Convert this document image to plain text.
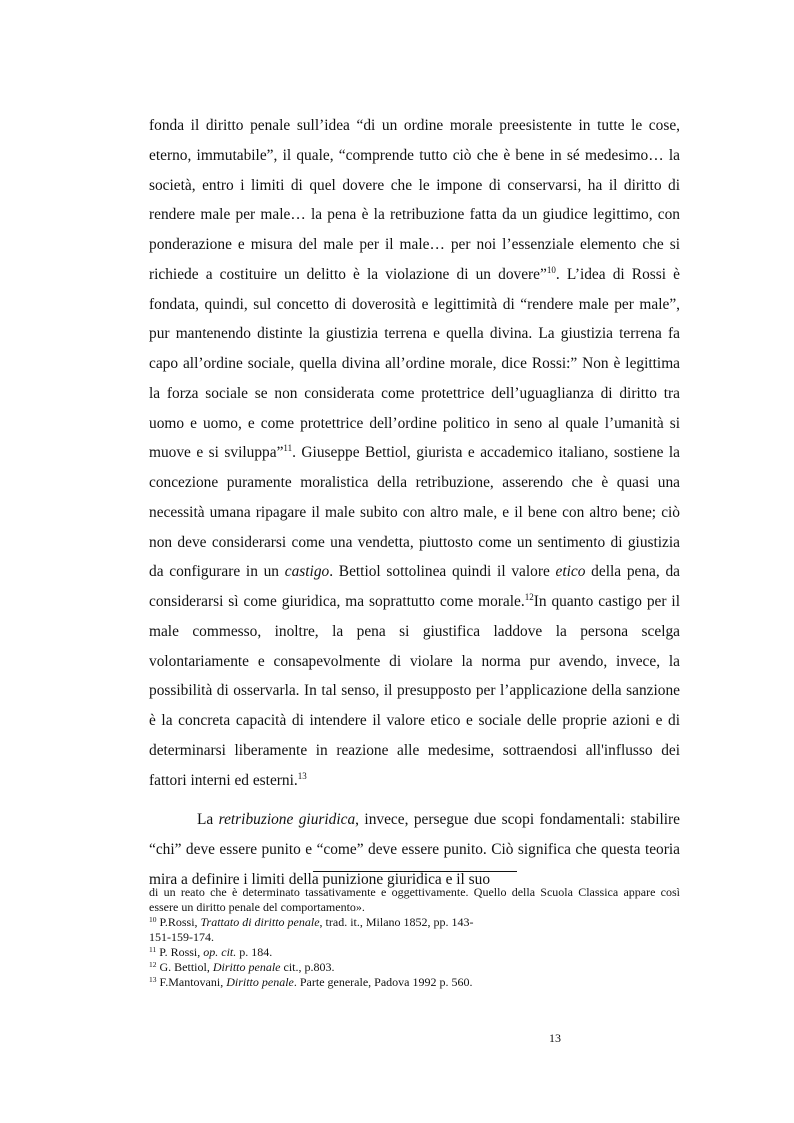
fonda il diritto penale sull’idea “di un ordine morale preesistente in tutte le cose, eterno, immutabile”, il quale, “comprende tutto ciò che è bene in sé medesimo… la società, entro i limiti di quel dovere che le impone di conservarsi, ha il diritto di rendere male per male… la pena è la retribuzione fatta da un giudice legittimo, con ponderazione e misura del male per il male… per noi l’essenziale elemento che si richiede a costituire un delitto è la violazione di un dovere”$^{10}$. L’idea di Rossi è fondata, quindi, sul concetto di doverosità e legittimità di “rendere male per male”, pur mantenendo distinte la giustizia terrena e quella divina. La giustizia terrena fa capo all’ordine sociale, quella divina all’ordine morale, dice Rossi:” Non è legittima la forza sociale se non considerata come protettrice dell’uguaglianza di diritto tra uomo e uomo, e come protettrice dell’ordine politico in seno al quale l’umanità si muove e si sviluppa”$^{11}$. Giuseppe Bettiol, giurista e accademico italiano, sostiene la concezione puramente moralistica della retribuzione, asserendo che è quasi una necessità umana ripagare il male subito con altro male, e il bene con altro bene; ciò non deve considerarsi come una vendetta, piuttosto come un sentimento di giustizia da configurare in un castigo. Bettiol sottolinea quindi il valore etico della pena, da considerarsi sì come giuridica, ma soprattutto come morale.$^{12}$In quanto castigo per il male commesso, inoltre, la pena si giustifica laddove la persona scelga volontariamente e consapevolmente di violare la norma pur avendo, invece, la possibilità di osservarla. In tal senso, il presupposto per l’applicazione della sanzione è la concreta capacità di intendere il valore etico e sociale delle proprie azioni e di determinarsi liberamente in reazione alle medesime, sottraendosi all'influsso dei fattori interni ed esterni.$^{13}$

La retribuzione giuridica, invece, persegue due scopi fondamentali: stabilire “chi” deve essere punito e “come” deve essere punito. Ciò significa che questa teoria mira a definire i limiti della punizione giuridica e il suo

di un reato che è determinato tassativamente e oggettivamente. Quello della Scuola Classica appare così essere un diritto penale del comportamento».

$^{10}$ P.Rossi, Trattato di diritto penale, trad. it., Milano 1852, pp. 143-
151-159-174.

$^{11}$ P. Rossi, op. cit. p. 184.

$^{12}$ G. Bettiol, Diritto penale cit., p.803.

$^{13}$ F.Mantovani, Diritto penale. Parte generale, Padova 1992 p. 560.

13
